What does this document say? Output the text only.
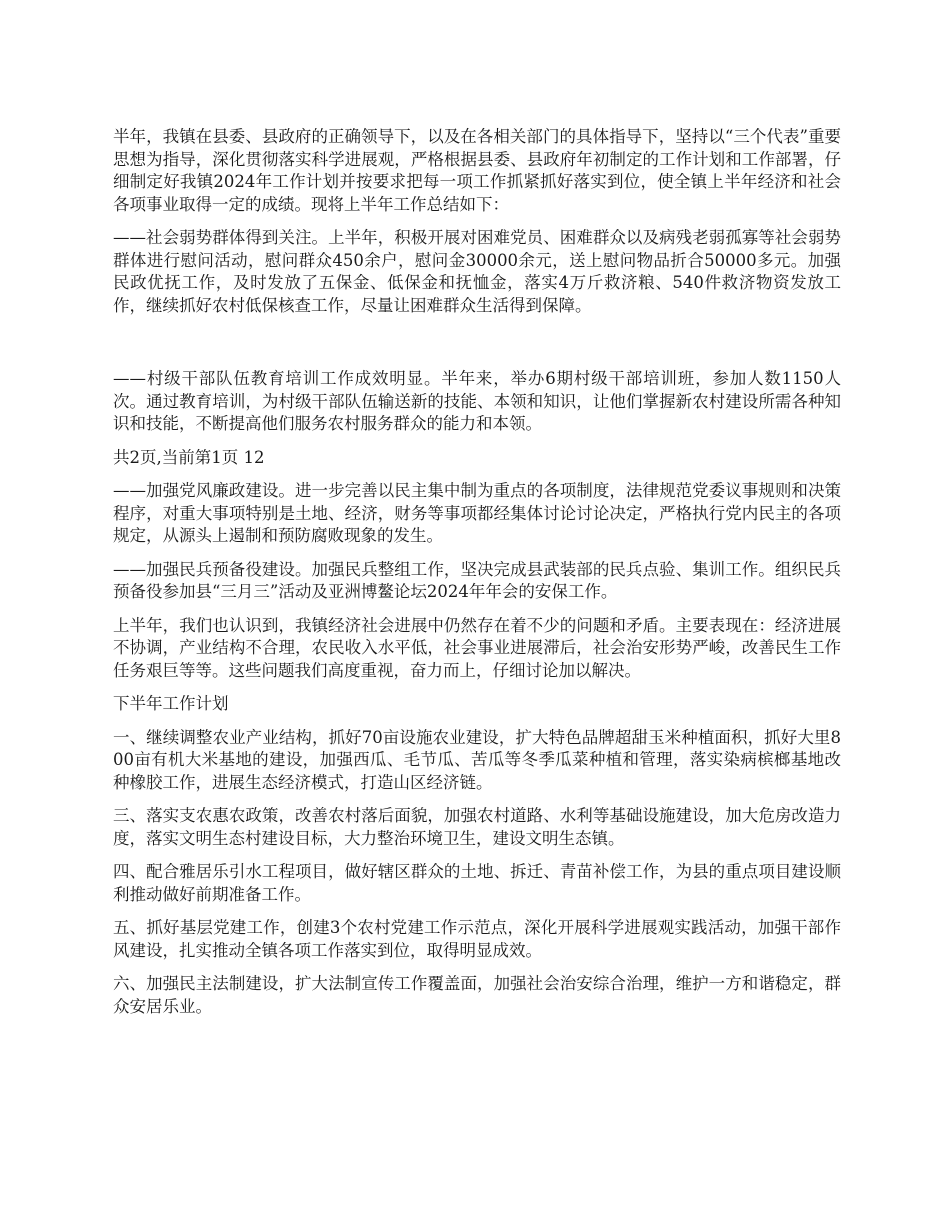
半年，我镇在县委、县政府的正确领导下，以及在各相关部门的具体指导下，坚持以“三个代表”重要思想为指导，深化贯彻落实科学进展观，严格根据县委、县政府年初制定的工作计划和工作部署，仔细制定好我镇2024年工作计划并按要求把每一项工作抓紧抓好落实到位，使全镇上半年经济和社会各项事业取得一定的成绩。现将上半年工作总结如下：

——社会弱势群体得到关注。上半年，积极开展对困难党员、困难群众以及病残老弱孤寡等社会弱势群体进行慰问活动，慰问群众450余户，慰问金30000余元，送上慰问物品折合50000多元。加强民政优抚工作，及时发放了五保金、低保金和抚恤金，落实4万斤救济粮、540件救济物资发放工作，继续抓好农村低保核查工作，尽量让困难群众生活得到保障。

——村级干部队伍教育培训工作成效明显。半年来，举办6期村级干部培训班，参加人数1150人次。通过教育培训，为村级干部队伍输送新的技能、本领和知识，让他们掌握新农村建设所需各种知识和技能，不断提高他们服务农村服务群众的能力和本领。

共2页,当前第1页 12

——加强党风廉政建设。进一步完善以民主集中制为重点的各项制度，法律规范党委议事规则和决策程序，对重大事项特别是土地、经济，财务等事项都经集体讨论讨论决定，严格执行党内民主的各项规定，从源头上遏制和预防腐败现象的发生。

——加强民兵预备役建设。加强民兵整组工作，坚决完成县武装部的民兵点验、集训工作。组织民兵预备役参加县“三月三”活动及亚洲博鳌论坛2024年年会的安保工作。

上半年，我们也认识到，我镇经济社会进展中仍然存在着不少的问题和矛盾。主要表现在：经济进展不协调，产业结构不合理，农民收入水平低，社会事业进展滞后，社会治安形势严峻，改善民生工作任务艰巨等等。这些问题我们高度重视，奋力而上，仔细讨论加以解决。

下半年工作计划

一、继续调整农业产业结构，抓好70亩设施农业建设，扩大特色品牌超甜玉米种植面积，抓好大里800亩有机大米基地的建设，加强西瓜、毛节瓜、苦瓜等冬季瓜菜种植和管理，落实染病槟榔基地改种橡胶工作，进展生态经济模式，打造山区经济链。

三、落实支农惠农政策，改善农村落后面貌，加强农村道路、水利等基础设施建设，加大危房改造力度，落实文明生态村建设目标，大力整治环境卫生，建设文明生态镇。

四、配合雅居乐引水工程项目，做好辖区群众的土地、拆迁、青苗补偿工作，为县的重点项目建设顺利推动做好前期准备工作。

五、抓好基层党建工作，创建3个农村党建工作示范点，深化开展科学进展观实践活动，加强干部作风建设，扎实推动全镇各项工作落实到位，取得明显成效。

六、加强民主法制建设，扩大法制宣传工作覆盖面，加强社会治安综合治理，维护一方和谐稳定，群众安居乐业。
